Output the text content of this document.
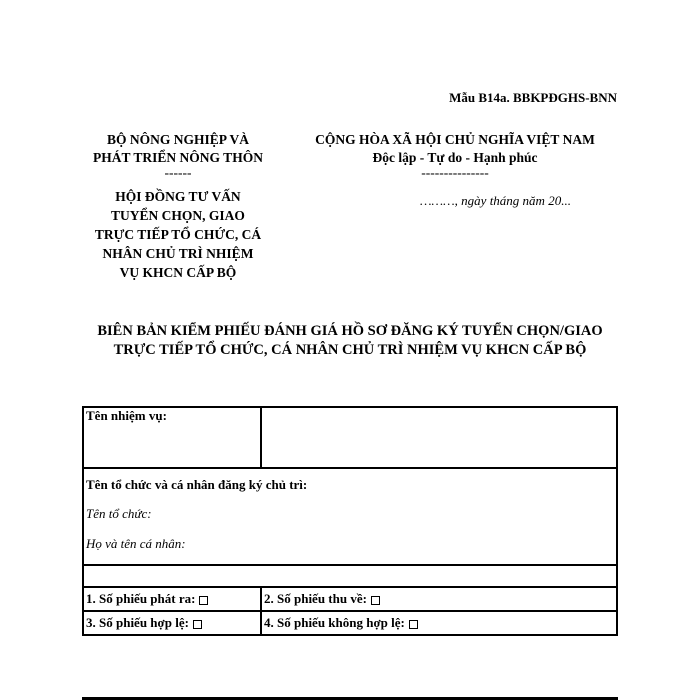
Mẫu B14a. BBKPĐGHS-BNN
BỘ NÔNG NGHIỆP VÀ
PHÁT TRIỂN NÔNG THÔN
------
HỘI ĐỒNG TƯ VẤN
TUYỂN CHỌN, GIAO
TRỰC TIẾP TỔ CHỨC, CÁ
NHÂN CHỦ TRÌ NHIỆM
VỤ KHCN CẤP BỘ
CỘNG HÒA XÃ HỘI CHỦ NGHĨA VIỆT NAM
Độc lập - Tự do - Hạnh phúc
---------------
………, ngày tháng năm 20...
BIÊN BẢN KIỂM PHIẾU ĐÁNH GIÁ HỒ SƠ ĐĂNG KÝ TUYỂN CHỌN/GIAO
TRỰC TIẾP TỔ CHỨC, CÁ NHÂN CHỦ TRÌ NHIỆM VỤ KHCN CẤP BỘ
Tên nhiệm vụ:	

Tên tổ chức và cá nhân đăng ký chủ trì:
Tên tổ chức:
Họ và tên cá nhân:	

1. Số phiếu phát ra:	2. Số phiếu thu về:
3. Số phiếu hợp lệ:	4. Số phiếu không hợp lệ:
